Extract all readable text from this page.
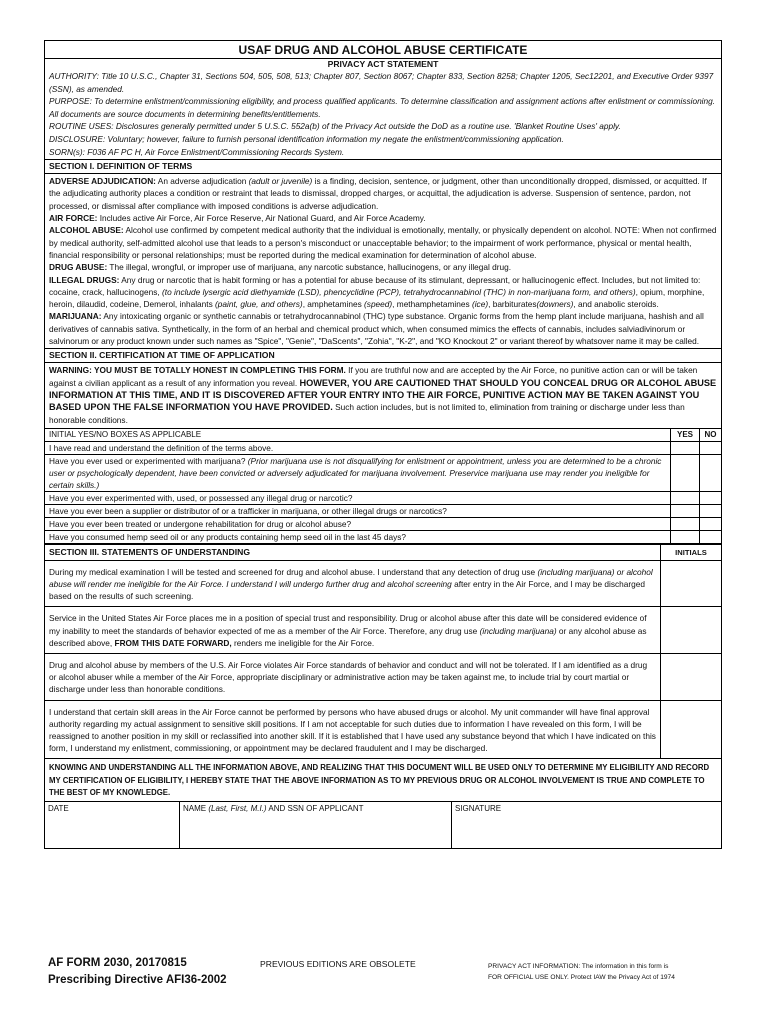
USAF DRUG AND ALCOHOL ABUSE CERTIFICATE
PRIVACY ACT STATEMENT

AUTHORITY: Title 10 U.S.C., Chapter 31, Sections 504, 505, 508, 513; Chapter 807, Section 8067; Chapter 833, Section 8258; Chapter 1205, Sec12201, and Executive Order 9397 (SSN), as amended.

PURPOSE: To determine enlistment/commissioning eligibility, and process qualified applicants. To determine classification and assignment actions after enlistment or commissioning. All documents are source documents in determining benefits/entitlements.

ROUTINE USES: Disclosures generally permitted under 5 U.S.C. 552a(b) of the Privacy Act outside the DoD as a routine use. 'Blanket Routine Uses' apply.

DISCLOSURE: Voluntary; however, failure to furnish personal identification information my negate the enlistment/commissioning application.

SORN(s): F036 AF PC H, Air Force Enlistment/Commissioning Records System.

SECTION I. DEFINITION OF TERMS

ADVERSE ADJUDICATION: An adverse adjudication (adult or juvenile) is a finding, decision, sentence, or judgment, other than unconditionally dropped, dismissed, or acquitted. If the adjudicating authority places a condition or restraint that leads to dismissal, dropped charges, or acquittal, the adjudication is adverse. Suspension of sentence, pardon, not processed, or dismissal after compliance with imposed conditions is adverse adjudication.

AIR FORCE: Includes active Air Force, Air Force Reserve, Air National Guard, and Air Force Academy.

ALCOHOL ABUSE: Alcohol use confirmed by competent medical authority that the individual is emotionally, mentally, or physically dependent on alcohol. NOTE: When not confirmed by medical authority, self-admitted alcohol use that leads to a person's misconduct or unacceptable behavior; to the impairment of work performance, physical or mental health, financial responsibility or personal relationships; must be reported during the medical examination for determination of alcohol abuse.

DRUG ABUSE: The illegal, wrongful, or improper use of marijuana, any narcotic substance, hallucinogens, or any illegal drug.

ILLEGAL DRUGS: Any drug or narcotic that is habit forming or has a potential for abuse because of its stimulant, depressant, or hallucinogenic effect. Includes, but not limited to: cocaine, crack, hallucinogens, (to include lysergic acid diethyamide (LSD), phencyclidine (PCP), tetrahydrocannabinol (THC) in non-marijuana form, and others), opium, morphine, heroin, dilaudid, codeine, Demerol, inhalants (paint, glue, and others), amphetamines (speed), methamphetamines (ice), barbiturates(downers), and anabolic steroids.

MARIJUANA: Any intoxicating organic or synthetic cannabis or tetrahydrocannabinol (THC) type substance. Organic forms from the hemp plant include marijuana, hashish and all derivatives of cannabis sativa. Synthetically, in the form of an herbal and chemical product which, when consumed mimics the effects of cannabis, includes salviadivinorum or salvinorum or any product known under such names as "Spice", "Genie", "DaScents", "Zohia", "K-2", and "KO Knockout 2" or variant thereof by whatsover name it may be called.

SECTION II. CERTIFICATION AT TIME OF APPLICATION
WARNING: YOU MUST BE TOTALLY HONEST IN COMPLETING THIS FORM. If you are truthful now and are accepted by the Air Force, no punitive action can or will be taken against a civilian applicant as a result of any information you reveal. HOWEVER, YOU ARE CAUTIONED THAT SHOULD YOU CONCEAL DRUG OR ALCOHOL ABUSE INFORMATION AT THIS TIME, AND IT IS DISCOVERED AFTER YOUR ENTRY INTO THE AIR FORCE, PUNITIVE ACTION MAY BE TAKEN AGAINST YOU BASED UPON THE FALSE INFORMATION YOU HAVE PROVIDED. Such action includes, but is not limited to, elimination from training or discharge under less than honorable conditions.
INITIAL YES/NO BOXES AS APPLICABLE	YES	NO
I have read and understand the definition of the terms above.		
Have you ever used or experimented with marijuana? (Prior marijuana use is not disqualifying for enlistment or appointment, unless you are determined to be a chronic user or psychologically dependent, have been convicted or adversely adjudicated for marijuana involvement. Preservice marijuana use may render you ineligible for certain skills.)		
Have you ever experimented with, used, or possessed any illegal drug or narcotic?		
Have you ever been a supplier or distributor of or a trafficker in marijuana, or other illegal drugs or narcotics?		
Have you ever been treated or undergone rehabilitation for drug or alcohol abuse?		
Have you consumed hemp seed oil or any products containing hemp seed oil in the last 45 days?		
SECTION III. STATEMENTS OF UNDERSTANDING	INITIALS
During my medical examination I will be tested and screened for drug and alcohol abuse. I understand that any detection of drug use (including marijuana) or alcohol abuse will render me ineligible for the Air Force. I understand I will undergo further drug and alcohol screening after entry in the Air Force, and I may be discharged based on the results of such screening.	
Service in the United States Air Force places me in a position of special trust and responsibility. Drug or alcohol abuse after this date will be considered evidence of my inability to meet the standards of behavior expected of me as a member of the Air Force. Therefore, any drug use (including marijuana) or any alcohol abuse as described above, FROM THIS DATE FORWARD, renders me ineligible for the Air Force.	
Drug and alcohol abuse by members of the U.S. Air Force violates Air Force standards of behavior and conduct and will not be tolerated. If I am identified as a drug or alcohol abuser while a member of the Air Force, appropriate disciplinary or administrative action may be taken against me, to include trial by court martial or discharge under less than honorable conditions.	
I understand that certain skill areas in the Air Force cannot be performed by persons who have abused drugs or alcohol. My unit commander will have final approval authority regarding my actual assignment to sensitive skill positions. If I am not acceptable for such duties due to information I have revealed on this form, I will be reassigned to another position in my skill or reclassified into another skill. If it is established that I have used any substance beyond that which I have indicated on this form, I understand my enlistment, commissioning, or appointment may be declared fraudulent and I may be discharged.	
KNOWING AND UNDERSTANDING ALL THE INFORMATION ABOVE, AND REALIZING THAT THIS DOCUMENT WILL BE USED ONLY TO DETERMINE MY ELIGIBILITY AND RECORD MY CERTIFICATION OF ELIGIBILITY, I HEREBY STATE THAT THE ABOVE INFORMATION AS TO MY PREVIOUS DRUG OR ALCOHOL INVOLVEMENT IS TRUE AND COMPLETE TO THE BEST OF MY KNOWLEDGE.
DATE	NAME (Last, First, M.I.) AND SSN OF APPLICANT	SIGNATURE
AF FORM 2030, 20170815
Prescribing Directive AFI36-2002
PREVIOUS EDITIONS ARE OBSOLETE	PRIVACY ACT INFORMATION: The information in this form is
FOR OFFICIAL USE ONLY. Protect IAW the Privacy Act of 1974
